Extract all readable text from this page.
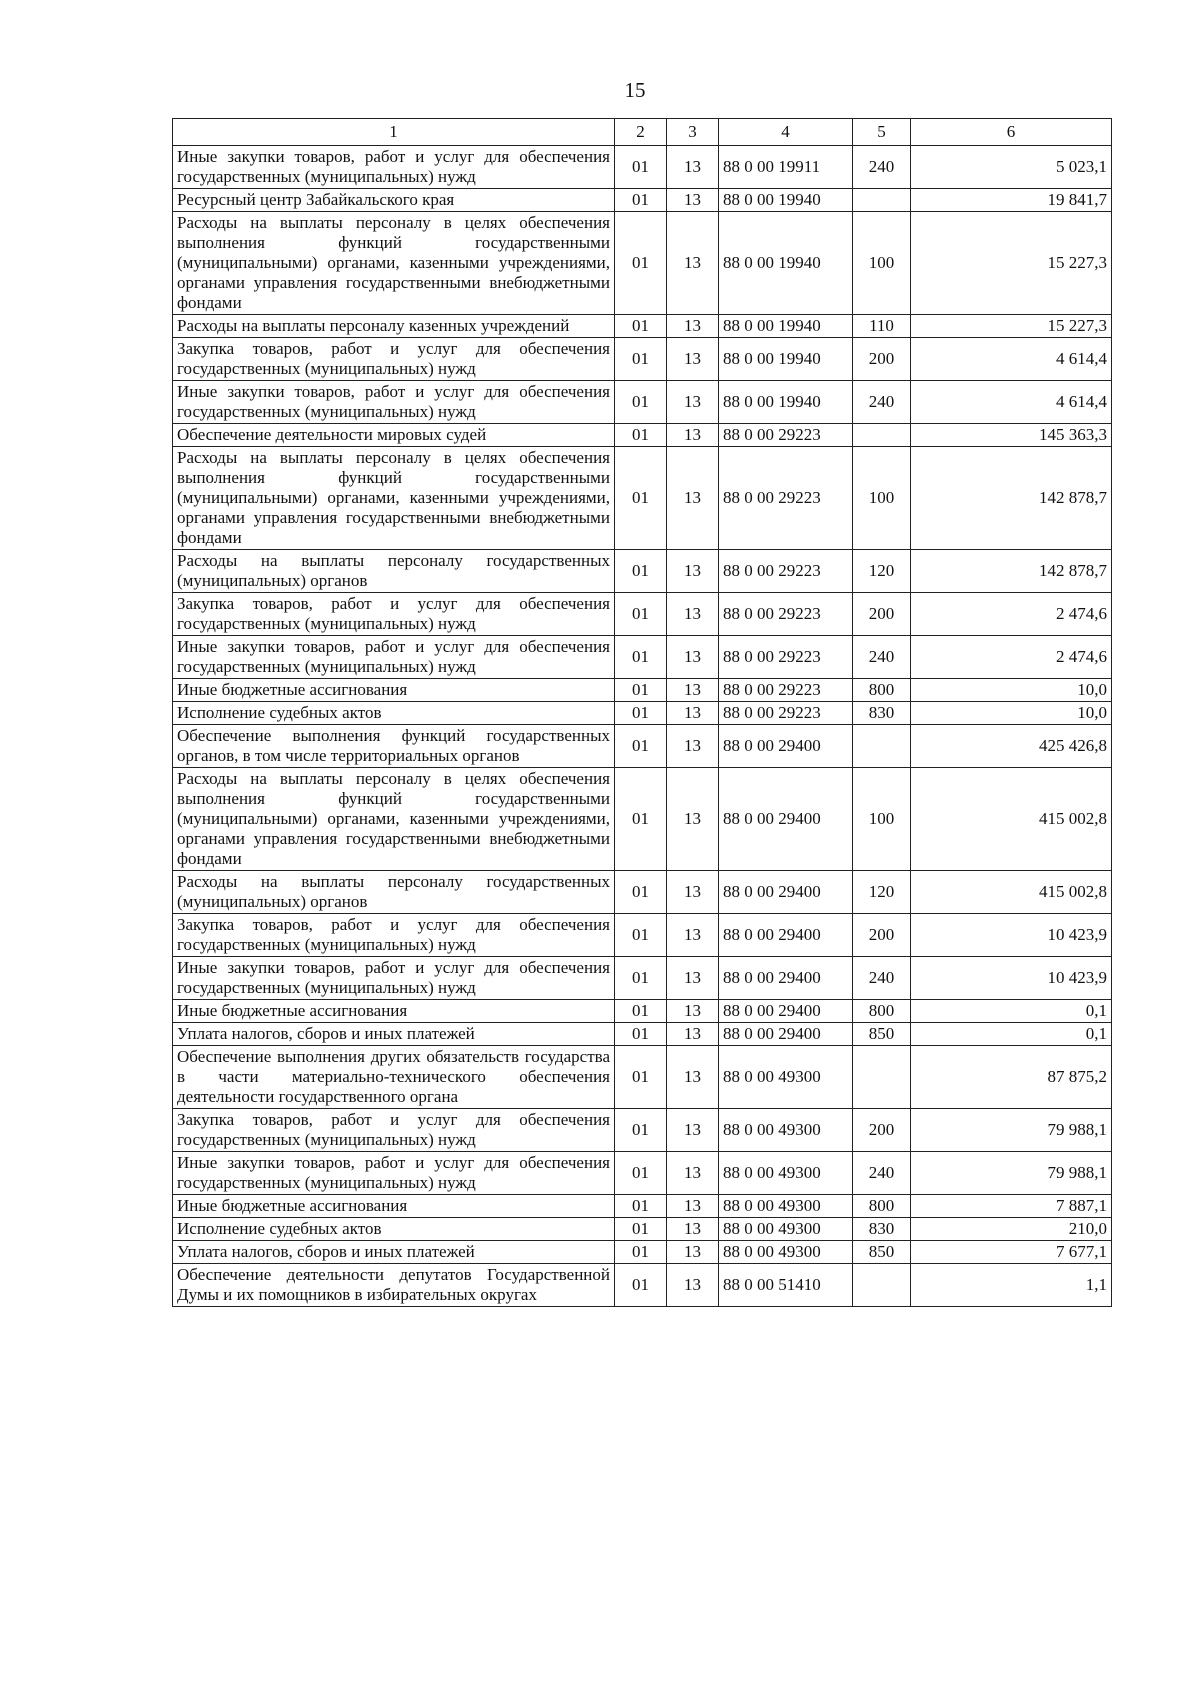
15
1	2	3	4	5	6
Иные закупки товаров, работ и услуг для обеспечения государственных (муниципальных) нужд	01	13	88 0 00 19911	240	5 023,1
Ресурсный центр Забайкальского края	01	13	88 0 00 19940		19 841,7
Расходы на выплаты персоналу в целях обеспечения выполнения функций государственными (муниципальными) органами, казенными учреждениями, органами управления государственными внебюджетными фондами	01	13	88 0 00 19940	100	15 227,3
Расходы на выплаты персоналу казенных учреждений	01	13	88 0 00 19940	110	15 227,3
Закупка товаров, работ и услуг для обеспечения государственных (муниципальных) нужд	01	13	88 0 00 19940	200	4 614,4
Иные закупки товаров, работ и услуг для обеспечения государственных (муниципальных) нужд	01	13	88 0 00 19940	240	4 614,4
Обеспечение деятельности мировых судей	01	13	88 0 00 29223		145 363,3
Расходы на выплаты персоналу в целях обеспечения выполнения функций государственными (муниципальными) органами, казенными учреждениями, органами управления государственными внебюджетными фондами	01	13	88 0 00 29223	100	142 878,7
Расходы на выплаты персоналу государственных (муниципальных) органов	01	13	88 0 00 29223	120	142 878,7
Закупка товаров, работ и услуг для обеспечения государственных (муниципальных) нужд	01	13	88 0 00 29223	200	2 474,6
Иные закупки товаров, работ и услуг для обеспечения государственных (муниципальных) нужд	01	13	88 0 00 29223	240	2 474,6
Иные бюджетные ассигнования	01	13	88 0 00 29223	800	10,0
Исполнение судебных актов	01	13	88 0 00 29223	830	10,0
Обеспечение выполнения функций государственных органов, в том числе территориальных органов	01	13	88 0 00 29400		425 426,8
Расходы на выплаты персоналу в целях обеспечения выполнения функций государственными (муниципальными) органами, казенными учреждениями, органами управления государственными внебюджетными фондами	01	13	88 0 00 29400	100	415 002,8
Расходы на выплаты персоналу государственных (муниципальных) органов	01	13	88 0 00 29400	120	415 002,8
Закупка товаров, работ и услуг для обеспечения государственных (муниципальных) нужд	01	13	88 0 00 29400	200	10 423,9
Иные закупки товаров, работ и услуг для обеспечения государственных (муниципальных) нужд	01	13	88 0 00 29400	240	10 423,9
Иные бюджетные ассигнования	01	13	88 0 00 29400	800	0,1
Уплата налогов, сборов и иных платежей	01	13	88 0 00 29400	850	0,1
Обеспечение выполнения других обязательств государства в части материально-технического обеспечения деятельности государственного органа	01	13	88 0 00 49300		87 875,2
Закупка товаров, работ и услуг для обеспечения государственных (муниципальных) нужд	01	13	88 0 00 49300	200	79 988,1
Иные закупки товаров, работ и услуг для обеспечения государственных (муниципальных) нужд	01	13	88 0 00 49300	240	79 988,1
Иные бюджетные ассигнования	01	13	88 0 00 49300	800	7 887,1
Исполнение судебных актов	01	13	88 0 00 49300	830	210,0
Уплата налогов, сборов и иных платежей	01	13	88 0 00 49300	850	7 677,1
Обеспечение деятельности депутатов Государственной Думы и их помощников в избирательных округах	01	13	88 0 00 51410		1,1
